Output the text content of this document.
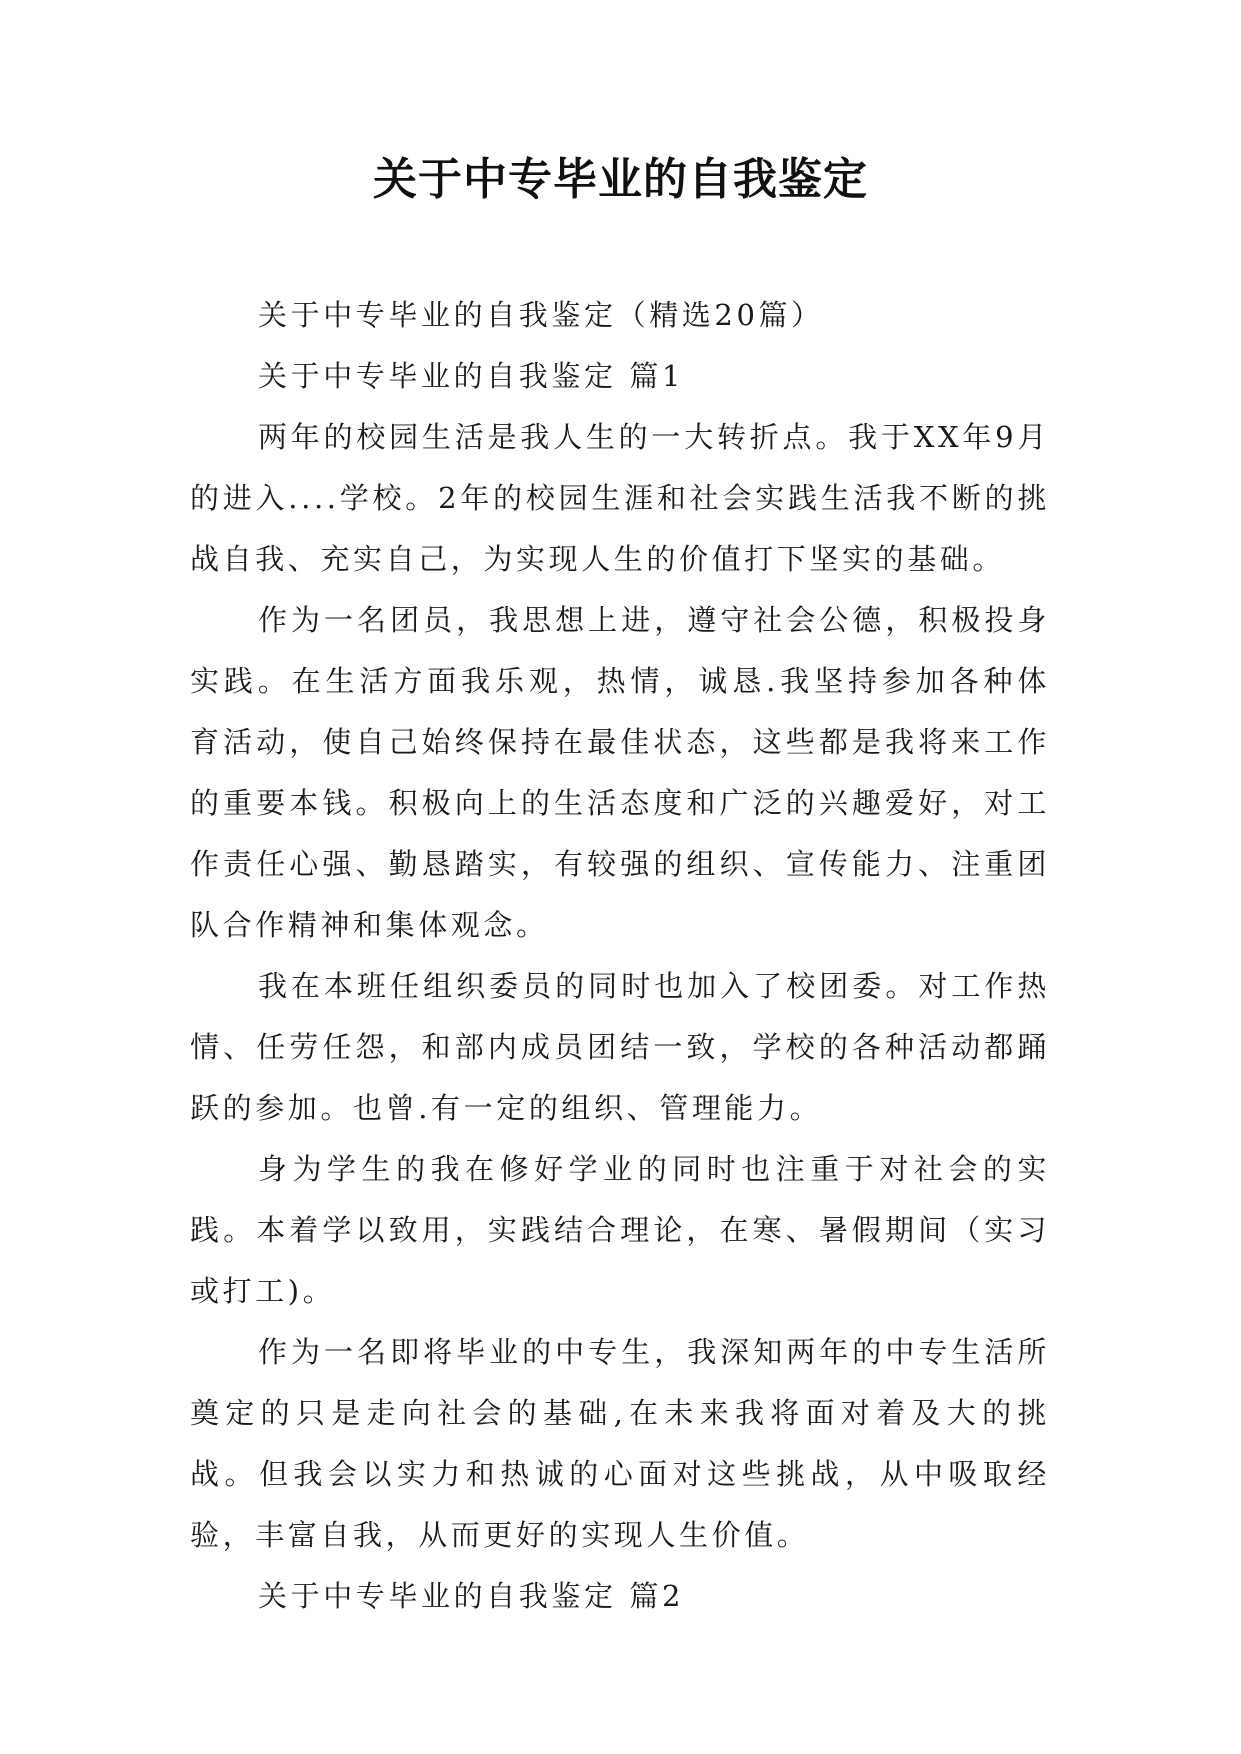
关于中专毕业的自我鉴定

关于中专毕业的自我鉴定（精选20篇）

关于中专毕业的自我鉴定 篇1

两年的校园生活是我人生的一大转折点。我于XX年9月的进入....学校。2年的校园生涯和社会实践生活我不断的挑战自我、充实自己，为实现人生的价值打下坚实的基础。

作为一名团员，我思想上进，遵守社会公德，积极投身实践。在生活方面我乐观，热情，诚恳.我坚持参加各种体育活动，使自己始终保持在最佳状态，这些都是我将来工作的重要本钱。积极向上的生活态度和广泛的兴趣爱好，对工作责任心强、勤恳踏实，有较强的组织、宣传能力、注重团队合作精神和集体观念。

我在本班任组织委员的同时也加入了校团委。对工作热情、任劳任怨，和部内成员团结一致，学校的各种活动都踊跃的参加。也曾.有一定的组织、管理能力。

身为学生的我在修好学业的同时也注重于对社会的实践。本着学以致用，实践结合理论，在寒、暑假期间（实习或打工)。

作为一名即将毕业的中专生，我深知两年的中专生活所奠定的只是走向社会的基础,在未来我将面对着及大的挑战。但我会以实力和热诚的心面对这些挑战，从中吸取经验，丰富自我，从而更好的实现人生价值。

关于中专毕业的自我鉴定 篇2
